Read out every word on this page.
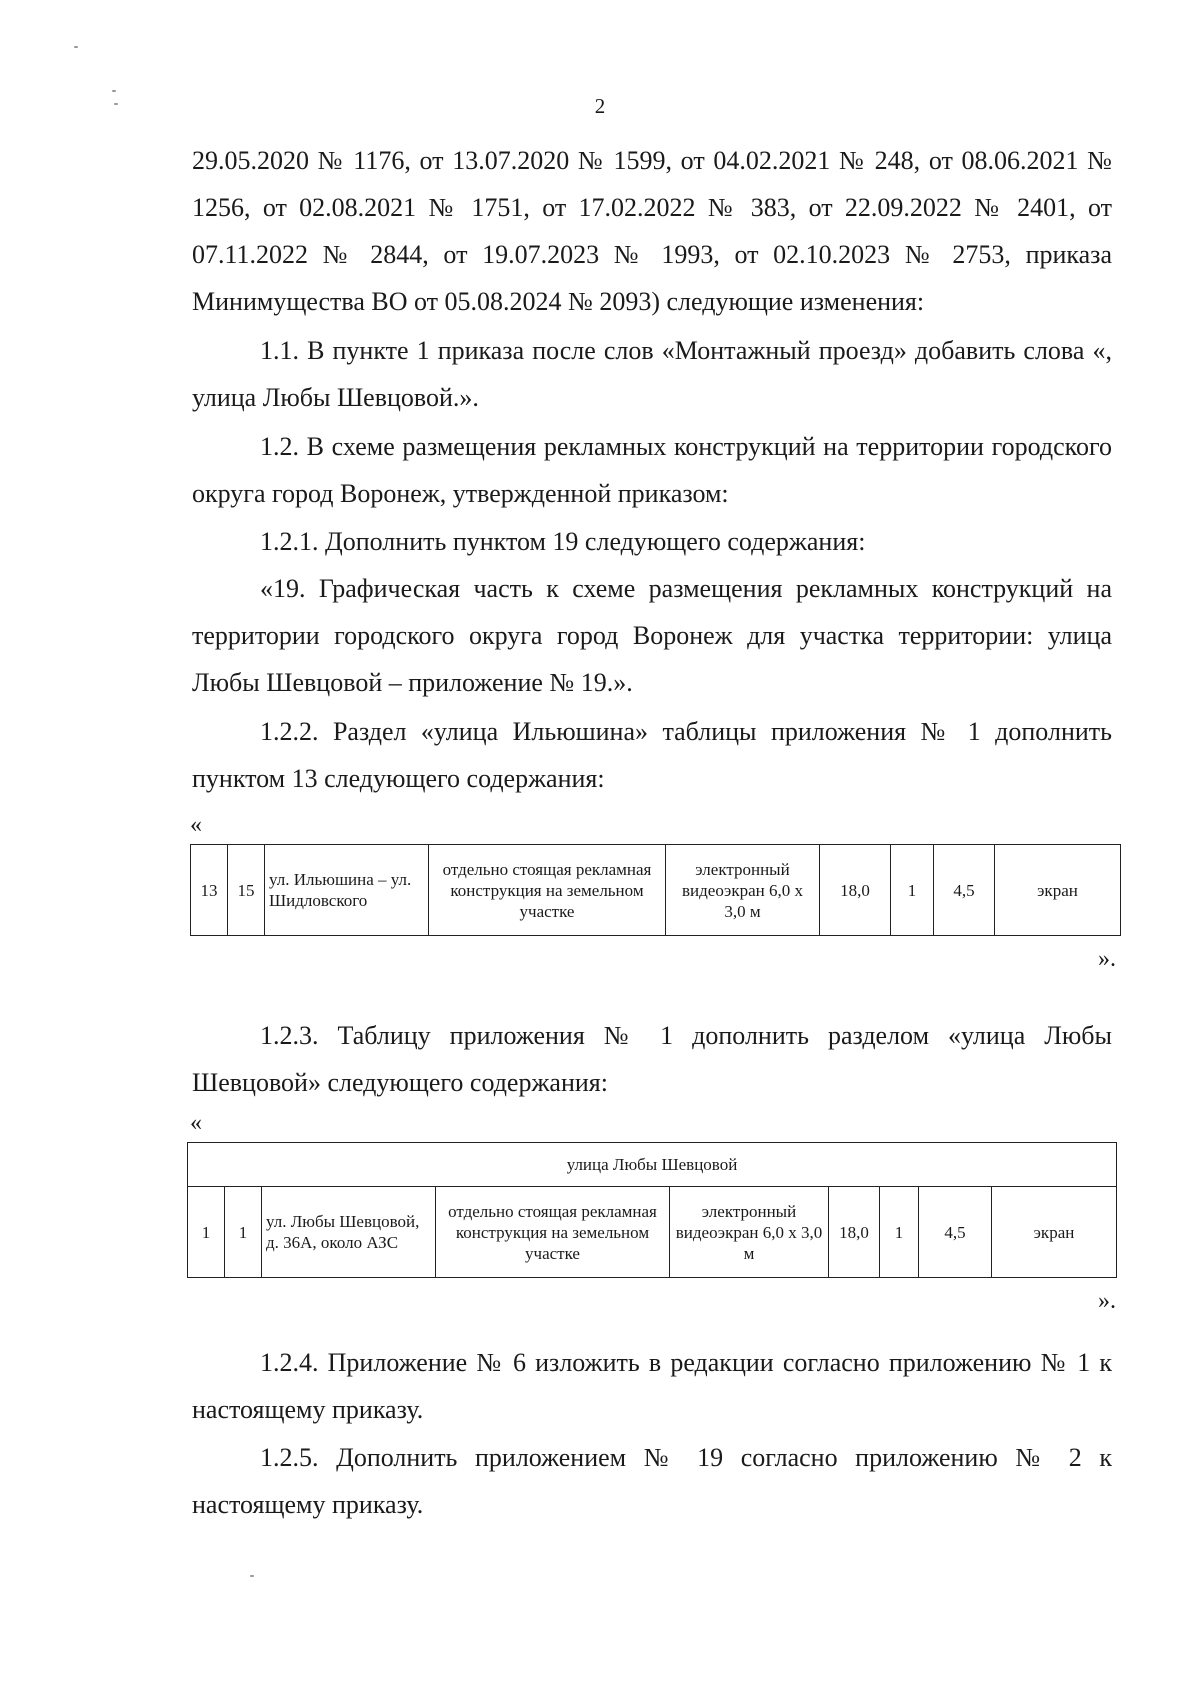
2

29.05.2020 № 1176, от 13.07.2020 № 1599, от 04.02.2021 № 248, от 08.06.2021 № 1256, от 02.08.2021 № 1751, от 17.02.2022 № 383, от 22.09.2022 № 2401, от 07.11.2022 № 2844, от 19.07.2023 № 1993, от 02.10.2023 № 2753, приказа Минимущества ВО от 05.08.2024 № 2093) следующие изменения:

1.1. В пункте 1 приказа после слов «Монтажный проезд» добавить слова «, улица Любы Шевцовой.».

1.2. В схеме размещения рекламных конструкций на территории городского округа город Воронеж, утвержденной приказом:

1.2.1. Дополнить пунктом 19 следующего содержания:

«19. Графическая часть к схеме размещения рекламных конструкций на территории городского округа город Воронеж для участка территории: улица Любы Шевцовой – приложение № 19.».

1.2.2. Раздел «улица Ильюшина» таблицы приложения № 1 дополнить пунктом 13 следующего содержания:

«
13	15	ул. Ильюшина – ул. Шидловского	отдельно стоящая рекламная конструкция на земельном участке	электронный видеоэкран 6,0 х 3,0 м	18,0	1	4,5	экран
».

1.2.3. Таблицу приложения № 1 дополнить разделом «улица Любы Шевцовой» следующего содержания:

«
улица Любы Шевцовой
1	1	ул. Любы Шевцовой, д. 36А, около АЗС	отдельно стоящая рекламная конструкция на земельном участке	электронный видеоэкран 6,0 х 3,0 м	18,0	1	4,5	экран
».

1.2.4. Приложение № 6 изложить в редакции согласно приложению № 1 к настоящему приказу.

1.2.5. Дополнить приложением № 19 согласно приложению № 2 к настоящему приказу.
